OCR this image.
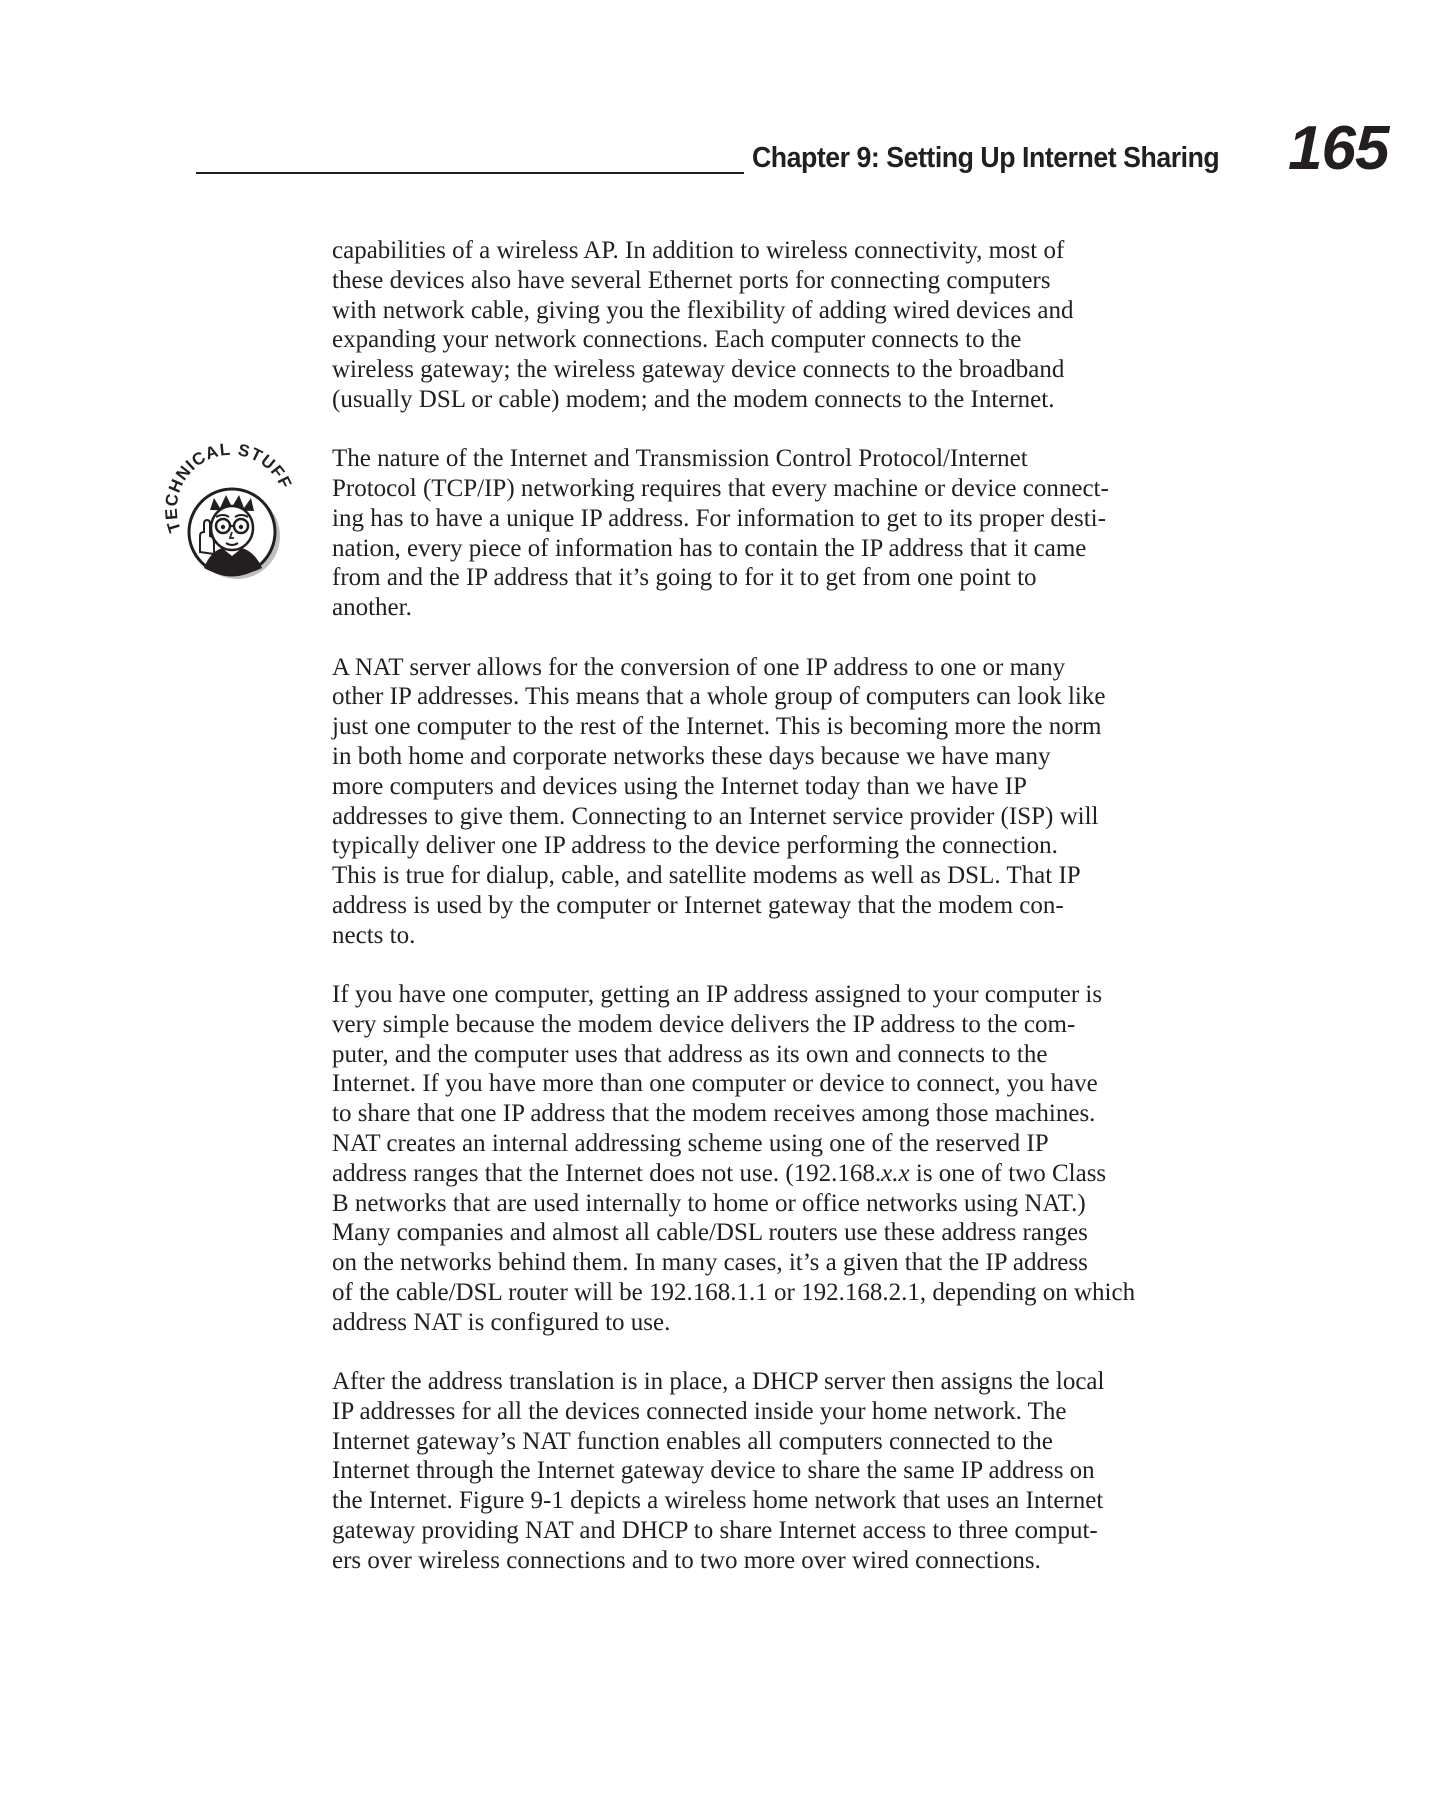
Chapter 9: Setting Up Internet Sharing 165
TECHNICAL STUFF

capabilities of a wireless AP. In addition to wireless connectivity, most of
these devices also have several Ethernet ports for connecting computers
with network cable, giving you the flexibility of adding wired devices and
expanding your network connections. Each computer connects to the
wireless gateway; the wireless gateway device connects to the broadband
(usually DSL or cable) modem; and the modem connects to the Internet.

The nature of the Internet and Transmission Control Protocol/Internet
Protocol (TCP/IP) networking requires that every machine or device connect-
ing has to have a unique IP address. For information to get to its proper desti-
nation, every piece of information has to contain the IP address that it came
from and the IP address that it’s going to for it to get from one point to
another.

A NAT server allows for the conversion of one IP address to one or many
other IP addresses. This means that a whole group of computers can look like
just one computer to the rest of the Internet. This is becoming more the norm
in both home and corporate networks these days because we have many
more computers and devices using the Internet today than we have IP
addresses to give them. Connecting to an Internet service provider (ISP) will
typically deliver one IP address to the device performing the connection.
This is true for dialup, cable, and satellite modems as well as DSL. That IP
address is used by the computer or Internet gateway that the modem con-
nects to.

If you have one computer, getting an IP address assigned to your computer is
very simple because the modem device delivers the IP address to the com-
puter, and the computer uses that address as its own and connects to the
Internet. If you have more than one computer or device to connect, you have
to share that one IP address that the modem receives among those machines.
NAT creates an internal addressing scheme using one of the reserved IP
address ranges that the Internet does not use. (192.168.x.x is one of two Class
B networks that are used internally to home or office networks using NAT.)
Many companies and almost all cable/DSL routers use these address ranges
on the networks behind them. In many cases, it’s a given that the IP address
of the cable/DSL router will be 192.168.1.1 or 192.168.2.1, depending on which
address NAT is configured to use.

After the address translation is in place, a DHCP server then assigns the local
IP addresses for all the devices connected inside your home network. The
Internet gateway’s NAT function enables all computers connected to the
Internet through the Internet gateway device to share the same IP address on
the Internet. Figure 9-1 depicts a wireless home network that uses an Internet
gateway providing NAT and DHCP to share Internet access to three comput-
ers over wireless connections and to two more over wired connections.
